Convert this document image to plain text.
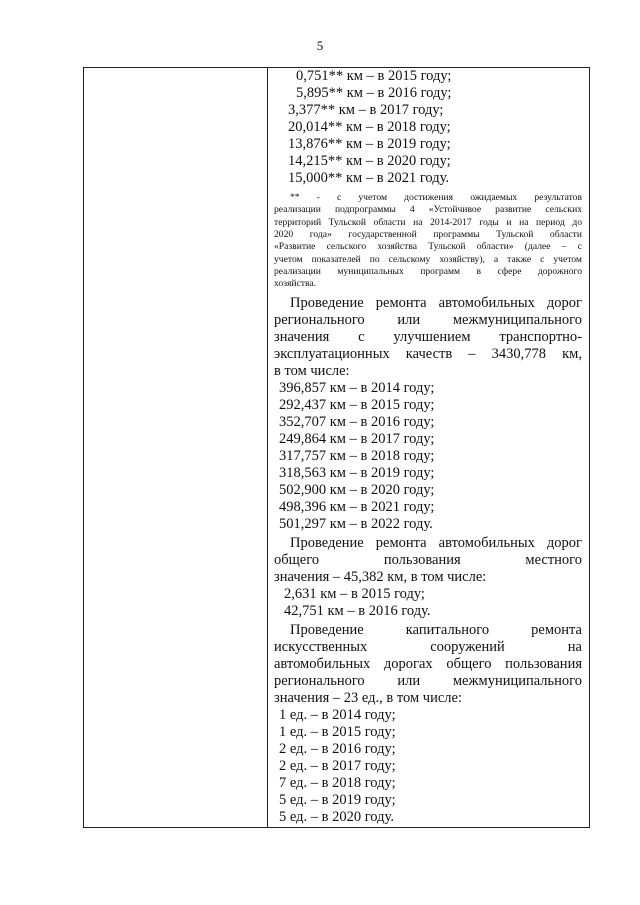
5
0,751** км – в 2015 году;
5,895** км – в 2016 году;
3,377** км – в 2017 году;
20,014** км – в 2018 году;
13,876** км – в 2019 году;
14,215** км – в 2020 году;
15,000** км – в 2021 году.
** - с учетом достижения ожидаемых результатов
реализации подпрограммы 4 «Устойчивое развитие сельских
территорий Тульской области на 2014-2017 годы и на период до
2020 года» государственной программы Тульской области
«Развитие сельского хозяйства Тульской области» (далее – с
учетом показателей по сельскому хозяйству), а также с учетом
реализации муниципальных программ в сфере дорожного
хозяйства.
Проведение ремонта автомобильных дорог
регионального или межмуниципального
значения с улучшением транспортно-
эксплуатационных качеств – 3430,778 км,
в том числе:
396,857 км – в 2014 году;
292,437 км – в 2015 году;
352,707 км – в 2016 году;
249,864 км – в 2017 году;
317,757 км – в 2018 году;
318,563 км – в 2019 году;
502,900 км – в 2020 году;
498,396 км – в 2021 году;
501,297 км – в 2022 году.
Проведение ремонта автомобильных дорог
общего пользования местного
значения – 45,382 км, в том числе:
2,631 км – в 2015 году;
42,751 км – в 2016 году.
Проведение капитального ремонта
искусственных сооружений на
автомобильных дорогах общего пользования
регионального или межмуниципального
значения – 23 ед., в том числе:
1 ед. – в 2014 году;
1 ед. – в 2015 году;
2 ед. – в 2016 году;
2 ед. – в 2017 году;
7 ед. – в 2018 году;
5 ед. – в 2019 году;
5 ед. – в 2020 году.
